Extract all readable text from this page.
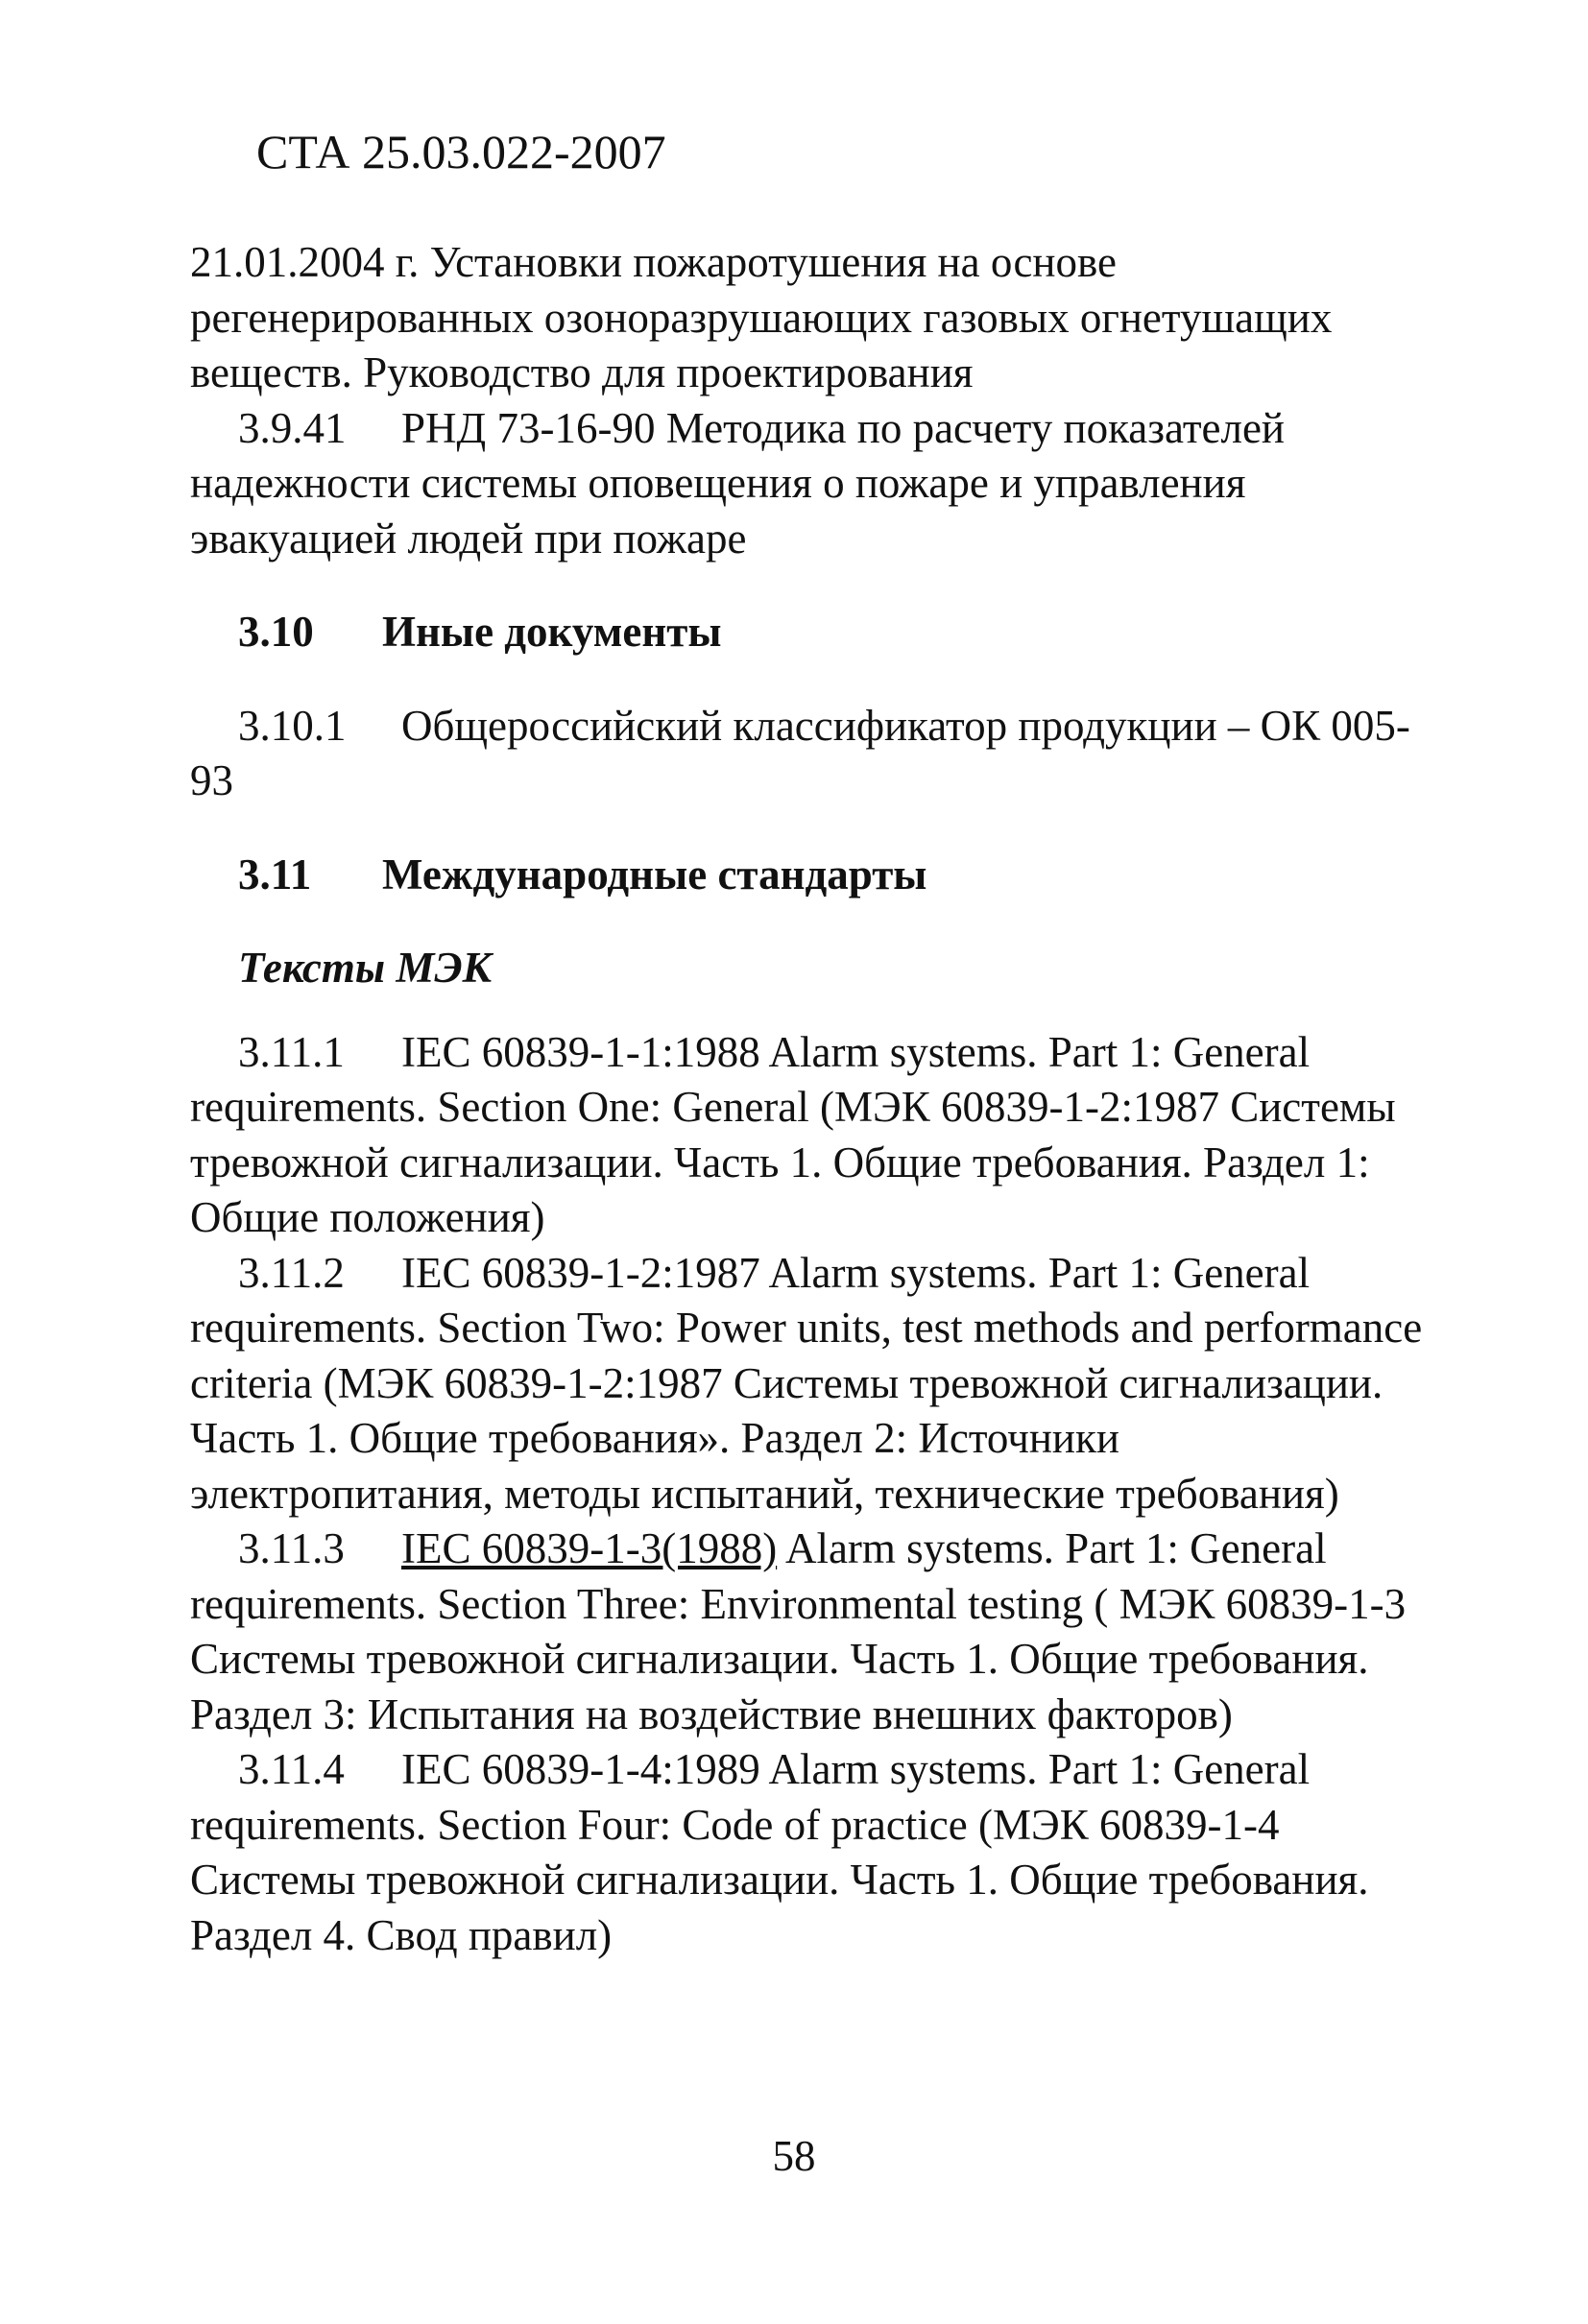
СТА 25.03.022-2007

21.01.2004 г. Установки пожаротушения на основе регенерированных озоноразрушающих газовых огнетушащих веществ. Руководство для проектирования

3.9.41 РНД 73-16-90 Методика по расчету показателей надежности системы оповещения о пожаре и управления эвакуацией людей при пожаре

3.10 Иные документы

3.10.1 Общероссийский классификатор продукции – ОК 005-93

3.11 Международные стандарты
Тексты МЭК

3.11.1 IEC 60839-1-1:1988 Alarm systems. Part 1: General requirements. Section One: General (МЭК 60839-1-2:1987 Системы тревожной сигнализации. Часть 1. Общие требования. Раздел 1: Общие положения)

3.11.2 IEC 60839-1-2:1987 Alarm systems. Part 1: General requirements. Section Two: Power units, test methods and performance criteria (МЭК 60839-1-2:1987 Системы тревожной сигнализации. Часть 1. Общие требования». Раздел 2: Источники электропитания, методы испытаний, технические требования)

3.11.3 IEC 60839-1-3(1988) Alarm systems. Part 1: General requirements. Section Three: Environmental testing ( МЭК 60839-1-3 Системы тревожной сигнализации. Часть 1. Общие требования. Раздел 3: Испытания на воздействие внешних факторов)

3.11.4 IEC 60839-1-4:1989 Alarm systems. Part 1: General requirements. Section Four: Code of practice (МЭК 60839-1-4 Системы тревожной сигнализации. Часть 1. Общие требования. Раздел 4. Свод правил)

58
